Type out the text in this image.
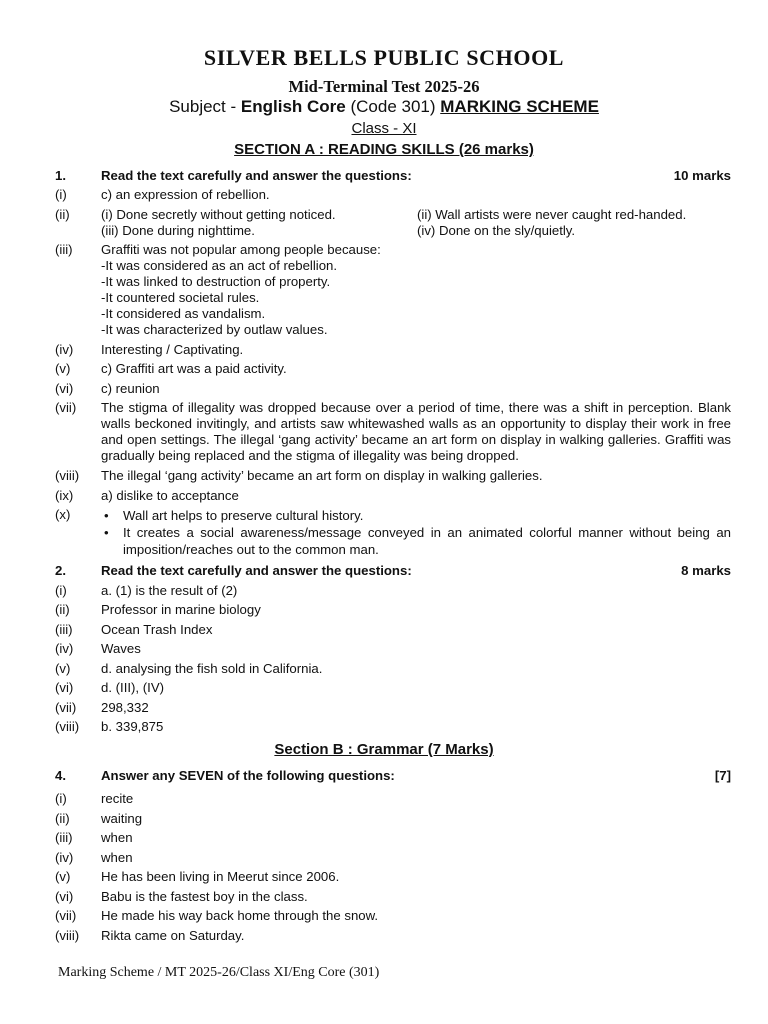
SILVER BELLS PUBLIC SCHOOL
Mid-Terminal Test 2025-26
Subject - English Core (Code 301) MARKING SCHEME
Class - XI
SECTION A : READING SKILLS (26 marks)
1.	Read the text carefully and answer the questions:	10 marks
(i)	c) an expression of rebellion.
(ii)	(i) Done secretly without getting noticed.	(ii) Wall artists were never caught red-handed.
(iii) Done during nighttime.	(iv) Done on the sly/quietly.
(iii)	Graffiti was not popular among people because:
-It was considered as an act of rebellion.
-It was linked to destruction of property.
-It countered societal rules.
-It considered as vandalism.
-It was characterized by outlaw values.
(iv)	Interesting / Captivating.
(v)	c) Graffiti art was a paid activity.
(vi)	c) reunion
(vii)	The stigma of illegality was dropped because over a period of time, there was a shift in perception. Blank walls beckoned invitingly, and artists saw whitewashed walls as an opportunity to display their work in free and open settings. The illegal ‘gang activity’ became an art form on display in walking galleries. Graffiti was gradually being replaced and the stigma of illegality was being dropped.
(viii)	The illegal ‘gang activity’ became an art form on display in walking galleries.
(ix)	a) dislike to acceptance
(x)	• Wall art helps to preserve cultural history.
• It creates a social awareness/message conveyed in an animated colorful manner without being an imposition/reaches out to the common man.
2.	Read the text carefully and answer the questions:	8 marks
(i)	a. (1) is the result of (2)
(ii)	Professor in marine biology
(iii)	Ocean Trash Index
(iv)	Waves
(v)	d. analysing the fish sold in California.
(vi)	d. (III), (IV)
(vii)	298,332
(viii)	b. 339,875
Section B : Grammar (7 Marks)
4.	Answer any SEVEN of the following questions:	[7]
(i)	recite
(ii)	waiting
(iii)	when
(iv)	when
(v)	He has been living in Meerut since 2006.
(vi)	Babu is the fastest boy in the class.
(vii)	He made his way back home through the snow.
(viii)	Rikta came on Saturday.
Marking Scheme / MT 2025-26/Class XI/Eng Core (301)
